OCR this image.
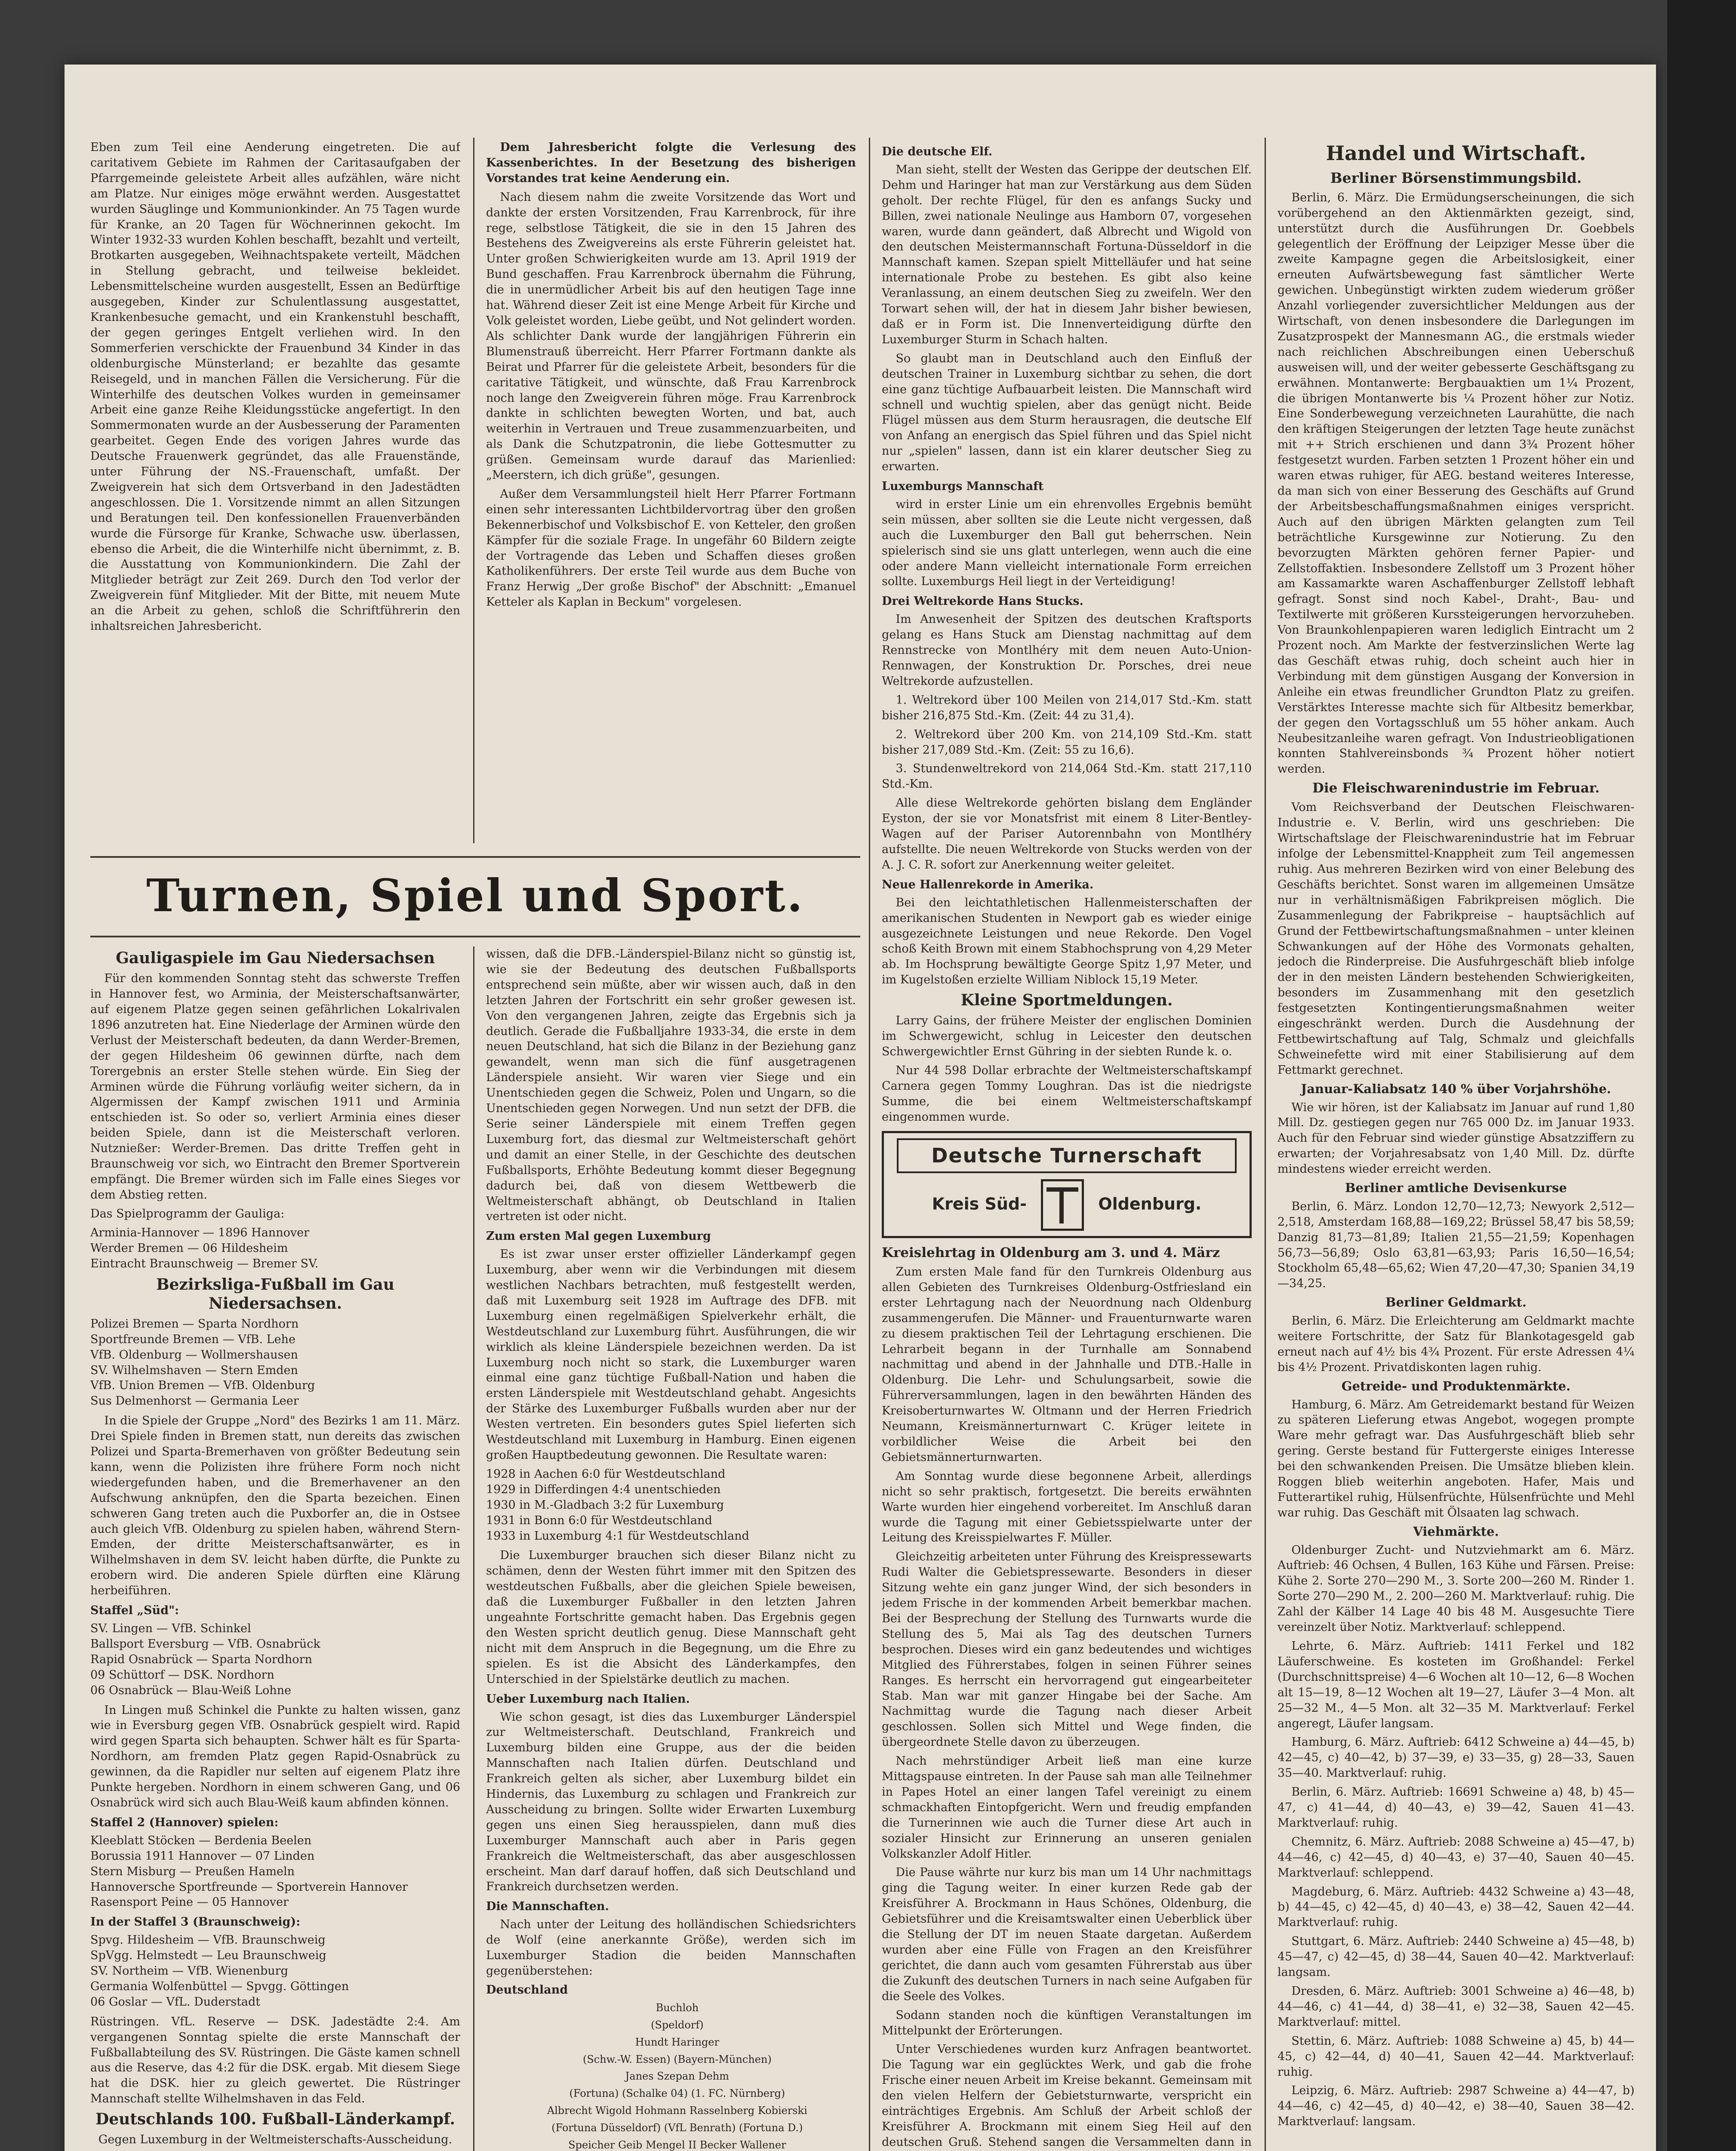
Eben zum Teil eine Aenderung eingetreten. Die auf caritativem Gebiete im Rahmen der Caritasaufgaben der Pfarrgemeinde geleistete Arbeit alles aufzählen, wäre nicht am Platze. Nur einiges möge erwähnt werden. Ausgestattet wurden Säuglinge und Kommunionkinder. An 75 Tagen wurde für Kranke, an 20 Tagen für Wöchnerinnen gekocht. Im Winter 1932-33 wurden Kohlen beschafft, bezahlt und verteilt, Brotkarten ausgegeben, Weihnachtspakete verteilt, Mädchen in Stellung gebracht, und teilweise bekleidet. Lebensmittelscheine wurden ausgestellt, Essen an Bedürftige ausgegeben, Kinder zur Schulentlassung ausgestattet, Krankenbesuche gemacht, und ein Krankenstuhl beschafft, der gegen geringes Entgelt verliehen wird. In den Sommerferien verschickte der Frauenbund 34 Kinder in das oldenburgische Münsterland; er bezahlte das gesamte Reisegeld, und in manchen Fällen die Versicherung. Für die Winterhilfe des deutschen Volkes wurden in gemeinsamer Arbeit eine ganze Reihe Kleidungsstücke angefertigt. In den Sommermonaten wurde an der Ausbesserung der Paramenten gearbeitet. Gegen Ende des vorigen Jahres wurde das Deutsche Frauenwerk gegründet, das alle Frauenstände, unter Führung der NS.-Frauenschaft, umfaßt. Der Zweigverein hat sich dem Ortsverband in den Jadestädten angeschlossen. Die 1. Vorsitzende nimmt an allen Sitzungen und Beratungen teil. Den konfessionellen Frauenverbänden wurde die Fürsorge für Kranke, Schwache usw. überlassen, ebenso die Arbeit, die die Winterhilfe nicht übernimmt, z. B. die Ausstattung von Kommunionkindern. Die Zahl der Mitglieder beträgt zur Zeit 269. Durch den Tod verlor der Zweigverein fünf Mitglieder. Mit der Bitte, mit neuem Mute an die Arbeit zu gehen, schloß die Schriftführerin den inhaltsreichen Jahresbericht.

Dem Jahresbericht folgte die Verlesung des Kassenberichtes. In der Besetzung des bisherigen Vorstandes trat keine Aenderung ein.

Nach diesem nahm die zweite Vorsitzende das Wort und dankte der ersten Vorsitzenden, Frau Karrenbrock, für ihre rege, selbstlose Tätigkeit, die sie in den 15 Jahren des Bestehens des Zweigvereins als erste Führerin geleistet hat. Unter großen Schwierigkeiten wurde am 13. April 1919 der Bund geschaffen. Frau Karrenbrock übernahm die Führung, die in unermüdlicher Arbeit bis auf den heutigen Tage inne hat. Während dieser Zeit ist eine Menge Arbeit für Kirche und Volk geleistet worden, Liebe geübt, und Not gelindert worden. Als schlichter Dank wurde der langjährigen Führerin ein Blumenstrauß überreicht. Herr Pfarrer Fortmann dankte als Beirat und Pfarrer für die geleistete Arbeit, besonders für die caritative Tätigkeit, und wünschte, daß Frau Karrenbrock noch lange den Zweigverein führen möge. Frau Karrenbrock dankte in schlichten bewegten Worten, und bat, auch weiterhin in Vertrauen und Treue zusammenzuarbeiten, und als Dank die Schutzpatronin, die liebe Gottesmutter zu grüßen. Gemeinsam wurde darauf das Marienlied: „Meerstern, ich dich grüße", gesungen.

Außer dem Versammlungsteil hielt Herr Pfarrer Fortmann einen sehr interessanten Lichtbildervortrag über den großen Bekennerbischof und Volksbischof E. von Ketteler, den großen Kämpfer für die soziale Frage. In ungefähr 60 Bildern zeigte der Vortragende das Leben und Schaffen dieses großen Katholikenführers. Der erste Teil wurde aus dem Buche von Franz Herwig „Der große Bischof" der Abschnitt: „Emanuel Ketteler als Kaplan in Beckum" vorgelesen.

Turnen, Spiel und Sport.
Gauligaspiele im Gau Niedersachsen

Für den kommenden Sonntag steht das schwerste Treffen in Hannover fest, wo Arminia, der Meisterschaftsanwärter, auf eigenem Platze gegen seinen gefährlichen Lokalrivalen 1896 anzutreten hat. Eine Niederlage der Arminen würde den Verlust der Meisterschaft bedeuten, da dann Werder-Bremen, der gegen Hildesheim 06 gewinnen dürfte, nach dem Torergebnis an erster Stelle stehen würde. Ein Sieg der Arminen würde die Führung vorläufig weiter sichern, da in Algermissen der Kampf zwischen 1911 und Arminia entschieden ist. So oder so, verliert Arminia eines dieser beiden Spiele, dann ist die Meisterschaft verloren. Nutznießer: Werder-Bremen. Das dritte Treffen geht in Braunschweig vor sich, wo Eintracht den Bremer Sportverein empfängt. Die Bremer würden sich im Falle eines Sieges vor dem Abstieg retten.

Das Spielprogramm der Gauliga:

Arminia-Hannover — 1896 Hannover
Werder Bremen — 06 Hildesheim
Eintracht Braunschweig — Bremer SV.
Bezirksliga-Fußball im Gau Niedersachsen.
Polizei Bremen — Sparta Nordhorn
Sportfreunde Bremen — VfB. Lehe
VfB. Oldenburg — Wollmershausen
SV. Wilhelmshaven — Stern Emden
VfB. Union Bremen — VfB. Oldenburg
Sus Delmenhorst — Germania Leer

In die Spiele der Gruppe „Nord" des Bezirks 1 am 11. März. Drei Spiele finden in Bremen statt, nun dereits das zwischen Polizei und Sparta-Bremerhaven von größter Bedeutung sein kann, wenn die Polizisten ihre frühere Form noch nicht wiedergefunden haben, und die Bremerhavener an den Aufschwung anknüpfen, den die Sparta bezeichen. Einen schweren Gang treten auch die Puxborfer an, die in Ostsee auch gleich VfB. Oldenburg zu spielen haben, während Stern-Emden, der dritte Meisterschaftsanwärter, es in Wilhelmshaven in dem SV. leicht haben dürfte, die Punkte zu erobern wird. Die anderen Spiele dürften eine Klärung herbeiführen.

Staffel „Süd":
SV. Lingen — VfB. Schinkel
Ballsport Eversburg — VfB. Osnabrück
Rapid Osnabrück — Sparta Nordhorn
09 Schüttorf — DSK. Nordhorn
06 Osnabrück — Blau-Weiß Lohne

In Lingen muß Schinkel die Punkte zu halten wissen, ganz wie in Eversburg gegen VfB. Osnabrück gespielt wird. Rapid wird gegen Sparta sich behaupten. Schwer hält es für Sparta-Nordhorn, am fremden Platz gegen Rapid-Osnabrück zu gewinnen, da die Rapidler nur selten auf eigenem Platz ihre Punkte hergeben. Nordhorn in einem schweren Gang, und 06 Osnabrück wird sich auch Blau-Weiß kaum abfinden können.

Staffel 2 (Hannover) spielen:
Kleeblatt Stöcken — Berdenia Beelen
Borussia 1911 Hannover — 07 Linden
Stern Misburg — Preußen Hameln
Hannoversche Sportfreunde — Sportverein Hannover
Rasensport Peine — 05 Hannover
In der Staffel 3 (Braunschweig):
Spvg. Hildesheim — VfB. Braunschweig
SpVgg. Helmstedt — Leu Braunschweig
SV. Northeim — VfB. Wienenburg
Germania Wolfenbüttel — Spvgg. Göttingen
06 Goslar — VfL. Duderstadt

Rüstringen. VfL. Reserve — DSK. Jadestädte 2:4. Am vergangenen Sonntag spielte die erste Mannschaft der Fußballabteilung des SV. Rüstringen. Die Gäste kamen schnell aus die Reserve, das 4:2 für die DSK. ergab. Mit diesem Siege hat die DSK. hier zu gleich gewertet. Die Rüstringer Mannschaft stellte Wilhelmshaven in das Feld.

Deutschlands 100. Fußball-Länderkampf.

Gegen Luxemburg in der Weltmeisterschafts-Ausscheidung.

wissen, daß die DFB.-Länderspiel-Bilanz nicht so günstig ist, wie sie der Bedeutung des deutschen Fußballsports entsprechend sein müßte, aber wir wissen auch, daß in den letzten Jahren der Fortschritt ein sehr großer gewesen ist. Von den vergangenen Jahren, zeigte das Ergebnis sich ja deutlich. Gerade die Fußballjahre 1933-34, die erste in dem neuen Deutschland, hat sich die Bilanz in der Beziehung ganz gewandelt, wenn man sich die fünf ausgetragenen Länderspiele ansieht. Wir waren vier Siege und ein Unentschieden gegen die Schweiz, Polen und Ungarn, so die Unentschieden gegen Norwegen. Und nun setzt der DFB. die Serie seiner Länderspiele mit einem Treffen gegen Luxemburg fort, das diesmal zur Weltmeisterschaft gehört und damit an einer Stelle, in der Geschichte des deutschen Fußballsports, Erhöhte Bedeutung kommt dieser Begegnung dadurch bei, daß von diesem Wettbewerb die Weltmeisterschaft abhängt, ob Deutschland in Italien vertreten ist oder nicht.

Zum ersten Mal gegen Luxemburg

Es ist zwar unser erster offizieller Länderkampf gegen Luxemburg, aber wenn wir die Verbindungen mit diesem westlichen Nachbars betrachten, muß festgestellt werden, daß mit Luxemburg seit 1928 im Auftrage des DFB. mit Luxemburg einen regelmäßigen Spielverkehr erhält, die Westdeutschland zur Luxemburg führt. Ausführungen, die wir wirklich als kleine Länderspiele bezeichnen werden. Da ist Luxemburg noch nicht so stark, die Luxemburger waren einmal eine ganz tüchtige Fußball-Nation und haben die ersten Länderspiele mit Westdeutschland gehabt. Angesichts der Stärke des Luxemburger Fußballs wurden aber nur der Westen vertreten. Ein besonders gutes Spiel lieferten sich Westdeutschland mit Luxemburg in Hamburg. Einen eigenen großen Hauptbedeutung gewonnen. Die Resultate waren:

1928 in Aachen 6:0 für Westdeutschland
1929 in Differdingen 4:4 unentschieden
1930 in M.-Gladbach 3:2 für Luxemburg
1931 in Bonn 6:0 für Westdeutschland
1933 in Luxemburg 4:1 für Westdeutschland

Die Luxemburger brauchen sich dieser Bilanz nicht zu schämen, denn der Westen führt immer mit den Spitzen des westdeutschen Fußballs, aber die gleichen Spiele beweisen, daß die Luxemburger Fußballer in den letzten Jahren ungeahnte Fortschritte gemacht haben. Das Ergebnis gegen den Westen spricht deutlich genug. Diese Mannschaft geht nicht mit dem Anspruch in die Begegnung, um die Ehre zu spielen. Es ist die Absicht des Länderkampfes, den Unterschied in der Spielstärke deutlich zu machen.

Ueber Luxemburg nach Italien.

Wie schon gesagt, ist dies das Luxemburger Länderspiel zur Weltmeisterschaft. Deutschland, Frankreich und Luxemburg bilden eine Gruppe, aus der die beiden Mannschaften nach Italien dürfen. Deutschland und Frankreich gelten als sicher, aber Luxemburg bildet ein Hindernis, das Luxemburg zu schlagen und Frankreich zur Ausscheidung zu bringen. Sollte wider Erwarten Luxemburg gegen uns einen Sieg herausspielen, dann muß dies Luxemburger Mannschaft auch aber in Paris gegen Frankreich die Weltmeisterschaft, das aber ausgeschlossen erscheint. Man darf darauf hoffen, daß sich Deutschland und Frankreich durchsetzen werden.

Die Mannschaften.

Nach unter der Leitung des holländischen Schiedsrichters de Wolf (eine anerkannte Größe), werden sich im Luxemburger Stadion die beiden Mannschaften gegenüberstehen:

Deutschland

Buchloh

(Speldorf)

Hundt Haringer

(Schw.-W. Essen) (Bayern-München)

Janes Szepan Dehm

(Fortuna) (Schalke 04) (1. FC. Nürnberg)

Albrecht Wigold Hohmann Rasselnberg Kobierski

(Fortuna Düsseldorf) (VfL Benrath) (Fortuna D.)

Speicher Geib Mengel II Becker Wallener

Die deutsche Elf.

Man sieht, stellt der Westen das Gerippe der deutschen Elf. Dehm und Haringer hat man zur Verstärkung aus dem Süden geholt. Der rechte Flügel, für den es anfangs Sucky und Billen, zwei nationale Neulinge aus Hamborn 07, vorgesehen waren, wurde dann geändert, daß Albrecht und Wigold von den deutschen Meistermannschaft Fortuna-Düsseldorf in die Mannschaft kamen. Szepan spielt Mittelläufer und hat seine internationale Probe zu bestehen. Es gibt also keine Veranlassung, an einem deutschen Sieg zu zweifeln. Wer den Torwart sehen will, der hat in diesem Jahr bisher bewiesen, daß er in Form ist. Die Innenverteidigung dürfte den Luxemburger Sturm in Schach halten.

So glaubt man in Deutschland auch den Einfluß der deutschen Trainer in Luxemburg sichtbar zu sehen, die dort eine ganz tüchtige Aufbauarbeit leisten. Die Mannschaft wird schnell und wuchtig spielen, aber das genügt nicht. Beide Flügel müssen aus dem Sturm herausragen, die deutsche Elf von Anfang an energisch das Spiel führen und das Spiel nicht nur „spielen" lassen, dann ist ein klarer deutscher Sieg zu erwarten.

Luxemburgs Mannschaft

wird in erster Linie um ein ehrenvolles Ergebnis bemüht sein müssen, aber sollten sie die Leute nicht vergessen, daß auch die Luxemburger den Ball gut beherrschen. Nein spielerisch sind sie uns glatt unterlegen, wenn auch die eine oder andere Mann vielleicht internationale Form erreichen sollte. Luxemburgs Heil liegt in der Verteidigung!

Drei Weltrekorde Hans Stucks.

Im Anwesenheit der Spitzen des deutschen Kraftsports gelang es Hans Stuck am Dienstag nachmittag auf dem Rennstrecke von Montlhéry mit dem neuen Auto-Union-Rennwagen, der Konstruktion Dr. Porsches, drei neue Weltrekorde aufzustellen.

1. Weltrekord über 100 Meilen von 214,017 Std.-Km. statt bisher 216,875 Std.-Km. (Zeit: 44 zu 31,4).

2. Weltrekord über 200 Km. von 214,109 Std.-Km. statt bisher 217,089 Std.-Km. (Zeit: 55 zu 16,6).

3. Stundenweltrekord von 214,064 Std.-Km. statt 217,110 Std.-Km.

Alle diese Weltrekorde gehörten bislang dem Engländer Eyston, der sie vor Monatsfrist mit einem 8 Liter-Bentley-Wagen auf der Pariser Autorennbahn von Montlhéry aufstellte. Die neuen Weltrekorde von Stucks werden von der A. J. C. R. sofort zur Anerkennung weiter geleitet.

Neue Hallenrekorde in Amerika.

Bei den leichtathletischen Hallenmeisterschaften der amerikanischen Studenten in Newport gab es wieder einige ausgezeichnete Leistungen und neue Rekorde. Den Vogel schoß Keith Brown mit einem Stabhochsprung von 4,29 Meter ab. Im Hochsprung bewältigte George Spitz 1,97 Meter, und im Kugelstoßen erzielte William Niblock 15,19 Meter.

Kleine Sportmeldungen.

Larry Gains, der frühere Meister der englischen Dominien im Schwergewicht, schlug in Leicester den deutschen Schwergewichtler Ernst Gühring in der siebten Runde k. o.

Nur 44 598 Dollar erbrachte der Weltmeisterschaftskampf Carnera gegen Tommy Loughran. Das ist die niedrigste Summe, die bei einem Weltmeisterschaftskampf eingenommen wurde.

Deutsche Turnerschaft
Kreis Süd-	Oldenburg.
Kreislehrtag in Oldenburg am 3. und 4. März

Zum ersten Male fand für den Turnkreis Oldenburg aus allen Gebieten des Turnkreises Oldenburg-Ostfriesland ein erster Lehrtagung nach der Neuordnung nach Oldenburg zusammengerufen. Die Männer- und Frauenturnwarte waren zu diesem praktischen Teil der Lehrtagung erschienen. Die Lehrarbeit begann in der Turnhalle am Sonnabend nachmittag und abend in der Jahnhalle und DTB.-Halle in Oldenburg. Die Lehr- und Schulungsarbeit, sowie die Führerversammlungen, lagen in den bewährten Händen des Kreisoberturnwartes W. Oltmann und der Herren Friedrich Neumann, Kreismännerturnwart C. Krüger leitete in vorbildlicher Weise die Arbeit bei den Gebietsmännerturnwarten.

Am Sonntag wurde diese begonnene Arbeit, allerdings nicht so sehr praktisch, fortgesetzt. Die bereits erwähnten Warte wurden hier eingehend vorbereitet. Im Anschluß daran wurde die Tagung mit einer Gebietsspielwarte unter der Leitung des Kreisspielwartes F. Müller.

Gleichzeitig arbeiteten unter Führung des Kreispressewarts Rudi Walter die Gebietspressewarte. Besonders in dieser Sitzung wehte ein ganz junger Wind, der sich besonders in jedem Frische in der kommenden Arbeit bemerkbar machen. Bei der Besprechung der Stellung des Turnwarts wurde die Stellung des 5, Mai als Tag des deutschen Turners besprochen. Dieses wird ein ganz bedeutendes und wichtiges Mitglied des Führerstabes, folgen in seinen Führer seines Ranges. Es herrscht ein hervorragend gut eingearbeiteter Stab. Man war mit ganzer Hingabe bei der Sache. Am Nachmittag wurde die Tagung nach dieser Arbeit geschlossen. Sollen sich Mittel und Wege finden, die übergeordnete Stelle davon zu überzeugen.

Nach mehrstündiger Arbeit ließ man eine kurze Mittagspause eintreten. In der Pause sah man alle Teilnehmer in Papes Hotel an einer langen Tafel vereinigt zu einem schmackhaften Eintopfgericht. Wern und freudig empfanden die Turnerinnen wie auch die Turner diese Art auch in sozialer Hinsicht zur Erinnerung an unseren genialen Volkskanzler Adolf Hitler.

Die Pause währte nur kurz bis man um 14 Uhr nachmittags ging die Tagung weiter. In einer kurzen Rede gab der Kreisführer A. Brockmann in Haus Schönes, Oldenburg, die Gebietsführer und die Kreisamtswalter einen Ueberblick über die Stellung der DT im neuen Staate dargetan. Außerdem wurden aber eine Fülle von Fragen an den Kreisführer gerichtet, die dann auch vom gesamten Führerstab aus über die Zukunft des deutschen Turners in nach seine Aufgaben für die Seele des Volkes.

Sodann standen noch die künftigen Veranstaltungen im Mittelpunkt der Erörterungen.

Unter Verschiedenes wurden kurz Anfragen beantwortet. Die Tagung war ein geglücktes Werk, und gab die frohe Frische einer neuen Arbeit im Kreise bekannt. Gemeinsam mit den vielen Helfern der Gebietsturnwarte, verspricht ein einträchtiges Ergebnis. Am Schluß der Arbeit schloß der Kreisführer A. Brockmann mit einem Sieg Heil auf den deutschen Gruß. Stehend sangen die Versammelten dann in

Handel und Wirtschaft.
Berliner Börsenstimmungsbild.

Berlin, 6. März. Die Ermüdungserscheinungen, die sich vorübergehend an den Aktienmärkten gezeigt, sind, unterstützt durch die Ausführungen Dr. Goebbels gelegentlich der Eröffnung der Leipziger Messe über die zweite Kampagne gegen die Arbeitslosigkeit, einer erneuten Aufwärtsbewegung fast sämtlicher Werte gewichen. Unbegünstigt wirkten zudem wiederum größer Anzahl vorliegender zuversichtlicher Meldungen aus der Wirtschaft, von denen insbesondere die Darlegungen im Zusatzprospekt der Mannesmann AG., die erstmals wieder nach reichlichen Abschreibungen einen Ueberschuß ausweisen will, und der weiter gebesserte Geschäftsgang zu erwähnen. Montanwerte: Bergbauaktien um 1¼ Prozent, die übrigen Montanwerte bis ¼ Prozent höher zur Notiz. Eine Sonderbewegung verzeichneten Laurahütte, die nach den kräftigen Steigerungen der letzten Tage heute zunächst mit ++ Strich erschienen und dann 3¾ Prozent höher festgesetzt wurden. Farben setzten 1 Prozent höher ein und waren etwas ruhiger, für AEG. bestand weiteres Interesse, da man sich von einer Besserung des Geschäfts auf Grund der Arbeitsbeschaffungsmaßnahmen einiges verspricht. Auch auf den übrigen Märkten gelangten zum Teil beträchtliche Kursgewinne zur Notierung. Zu den bevorzugten Märkten gehören ferner Papier- und Zellstoffaktien. Insbesondere Zellstoff um 3 Prozent höher am Kassamarkte waren Aschaffenburger Zellstoff lebhaft gefragt. Sonst sind noch Kabel-, Draht-, Bau- und Textilwerte mit größeren Kurssteigerungen hervorzuheben. Von Braunkohlenpapieren waren lediglich Eintracht um 2 Prozent noch. Am Markte der festverzinslichen Werte lag das Geschäft etwas ruhig, doch scheint auch hier in Verbindung mit dem günstigen Ausgang der Konversion in Anleihe ein etwas freundlicher Grundton Platz zu greifen. Verstärktes Interesse machte sich für Altbesitz bemerkbar, der gegen den Vortagsschluß um 55 höher ankam. Auch Neubesitzanleihe waren gefragt. Von Industrieobligationen konnten Stahlvereinsbonds ¾ Prozent höher notiert werden.

Die Fleischwarenindustrie im Februar.

Vom Reichsverband der Deutschen Fleischwaren-Industrie e. V. Berlin, wird uns geschrieben: Die Wirtschaftslage der Fleischwarenindustrie hat im Februar infolge der Lebensmittel-Knappheit zum Teil angemessen ruhig. Aus mehreren Bezirken wird von einer Belebung des Geschäfts berichtet. Sonst waren im allgemeinen Umsätze nur in verhältnismäßigen Fabrikpreisen möglich. Die Zusammenlegung der Fabrikpreise – hauptsächlich auf Grund der Fettbewirtschaftungsmaßnahmen – unter kleinen Schwankungen auf der Höhe des Vormonats gehalten, jedoch die Rinderpreise. Die Ausfuhrgeschäft blieb infolge der in den meisten Ländern bestehenden Schwierigkeiten, besonders im Zusammenhang mit den gesetzlich festgesetzten Kontingentierungsmaßnahmen weiter eingeschränkt werden. Durch die Ausdehnung der Fettbewirtschaftung auf Talg, Schmalz und gleichfalls Schweinefette wird mit einer Stabilisierung auf dem Fettmarkt gerechnet.

Januar-Kaliabsatz 140 % über Vorjahrshöhe.

Wie wir hören, ist der Kaliabsatz im Januar auf rund 1,80 Mill. Dz. gestiegen gegen nur 765 000 Dz. im Januar 1933. Auch für den Februar sind wieder günstige Absatzziffern zu erwarten; der Vorjahresabsatz von 1,40 Mill. Dz. dürfte mindestens wieder erreicht werden.

Berliner amtliche Devisenkurse

Berlin, 6. März. London 12,70—12,73; Newyork 2,512—2,518, Amsterdam 168,88—169,22; Brüssel 58,47 bis 58,59; Danzig 81,73—81,89; Italien 21,55—21,59; Kopenhagen 56,73—56,89; Oslo 63,81—63,93; Paris 16,50—16,54; Stockholm 65,48—65,62; Wien 47,20—47,30; Spanien 34,19—34,25.

Berliner Geldmarkt.

Berlin, 6. März. Die Erleichterung am Geldmarkt machte weitere Fortschritte, der Satz für Blankotagesgeld gab erneut nach auf 4½ bis 4¾ Prozent. Für erste Adressen 4¼ bis 4½ Prozent. Privatdiskonten lagen ruhig.

Getreide- und Produktenmärkte.

Hamburg, 6. März. Am Getreidemarkt bestand für Weizen zu späteren Lieferung etwas Angebot, wogegen prompte Ware mehr gefragt war. Das Ausfuhrgeschäft blieb sehr gering. Gerste bestand für Futtergerste einiges Interesse bei den schwankenden Preisen. Die Umsätze blieben klein. Roggen blieb weiterhin angeboten. Hafer, Mais und Futterartikel ruhig, Hülsenfrüchte, Hülsenfrüchte und Mehl war ruhig. Das Geschäft mit Ölsaaten lag schwach.

Viehmärkte.

Oldenburger Zucht- und Nutzviehmarkt am 6. März. Auftrieb: 46 Ochsen, 4 Bullen, 163 Kühe und Färsen. Preise: Kühe 2. Sorte 270—290 M., 3. Sorte 200—260 M. Rinder 1. Sorte 270—290 M., 2. 200—260 M. Marktverlauf: ruhig. Die Zahl der Kälber 14 Lage 40 bis 48 M. Ausgesuchte Tiere vereinzelt über Notiz. Marktverlauf: schleppend.

Lehrte, 6. März. Auftrieb: 1411 Ferkel und 182 Läuferschweine. Es kosteten im Großhandel: Ferkel (Durchschnittspreise) 4—6 Wochen alt 10—12, 6—8 Wochen alt 15—19, 8—12 Wochen alt 19—27, Läufer 3—4 Mon. alt 25—32 M., 4—5 Mon. alt 32—35 M. Marktverlauf: Ferkel angeregt, Läufer langsam.

Hamburg, 6. März. Auftrieb: 6412 Schweine a) 44—45, b) 42—45, c) 40—42, b) 37—39, e) 33—35, g) 28—33, Sauen 35—40. Marktverlauf: ruhig.

Berlin, 6. März. Auftrieb: 16691 Schweine a) 48, b) 45—47, c) 41—44, d) 40—43, e) 39—42, Sauen 41—43. Marktverlauf: ruhig.

Chemnitz, 6. März. Auftrieb: 2088 Schweine a) 45—47, b) 44—46, c) 42—45, d) 40—43, e) 37—40, Sauen 40—45. Marktverlauf: schleppend.

Magdeburg, 6. März. Auftrieb: 4432 Schweine a) 43—48, b) 44—45, c) 42—45, d) 40—43, e) 38—42, Sauen 42—44. Marktverlauf: ruhig.

Stuttgart, 6. März. Auftrieb: 2440 Schweine a) 45—48, b) 45—47, c) 42—45, d) 38—44, Sauen 40—42. Marktverlauf: langsam.

Dresden, 6. März. Auftrieb: 3001 Schweine a) 46—48, b) 44—46, c) 41—44, d) 38—41, e) 32—38, Sauen 42—45. Marktverlauf: mittel.

Stettin, 6. März. Auftrieb: 1088 Schweine a) 45, b) 44—45, c) 42—44, d) 40—41, Sauen 42—44. Marktverlauf: ruhig.

Leipzig, 6. März. Auftrieb: 2987 Schweine a) 44—47, b) 44—46, c) 42—45, d) 40—42, e) 38—40, Sauen 38—42. Marktverlauf: langsam.
